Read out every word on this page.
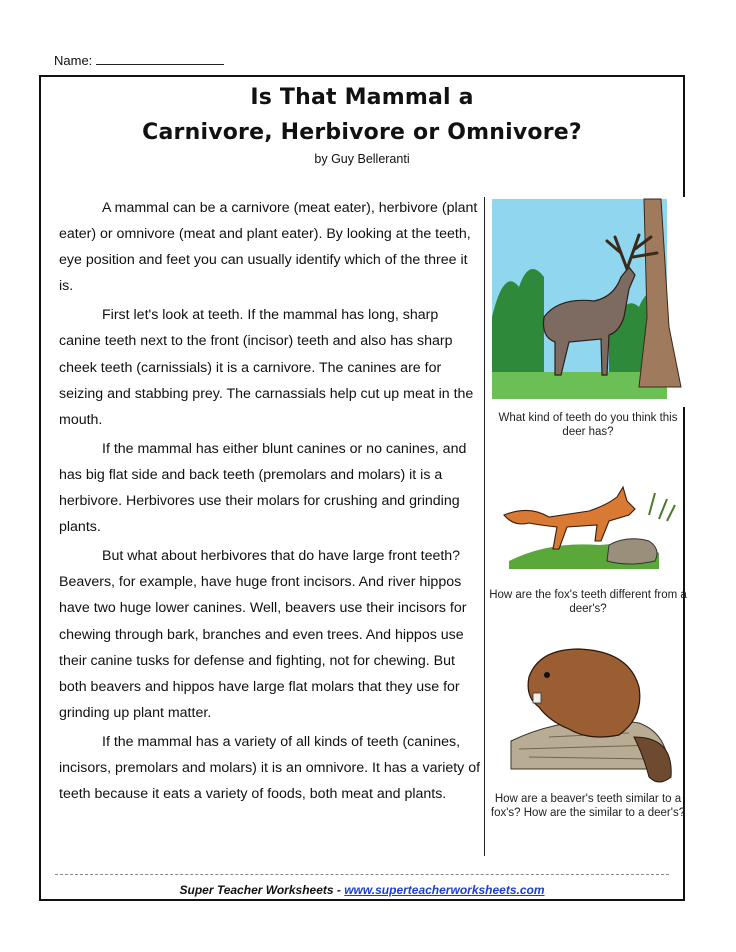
Name:
Is That Mammal a
Carnivore, Herbivore or Omnivore?
by Guy Belleranti

A mammal can be a carnivore (meat eater), herbivore (plant eater) or omnivore (meat and plant eater). By looking at the teeth, eye position and feet you can usually identify which of the three it is.

First let's look at teeth. If the mammal has long, sharp canine teeth next to the front (incisor) teeth and also has sharp cheek teeth (carnissials) it is a carnivore. The canines are for seizing and stabbing prey. The carnassials help cut up meat in the mouth.

If the mammal has either blunt canines or no canines, and has big flat side and back teeth (premolars and molars) it is a herbivore. Herbivores use their molars for crushing and grinding plants.

But what about herbivores that do have large front teeth? Beavers, for example, have huge front incisors. And river hippos have two huge lower canines. Well, beavers use their incisors for chewing through bark, branches and even trees. And hippos use their canine tusks for defense and fighting, not for chewing. But both beavers and hippos have large flat molars that they use for grinding up plant matter.

If the mammal has a variety of all kinds of teeth (canines, incisors, premolars and molars) it is an omnivore. It has a variety of teeth because it eats a variety of foods, both meat and plants.

What kind of teeth do you think this deer has?
How are the fox's teeth different from a deer's?
How are a beaver's teeth similar to a fox's? How are the similar to a deer's?
Super Teacher Worksheets - www.superteacherworksheets.com
